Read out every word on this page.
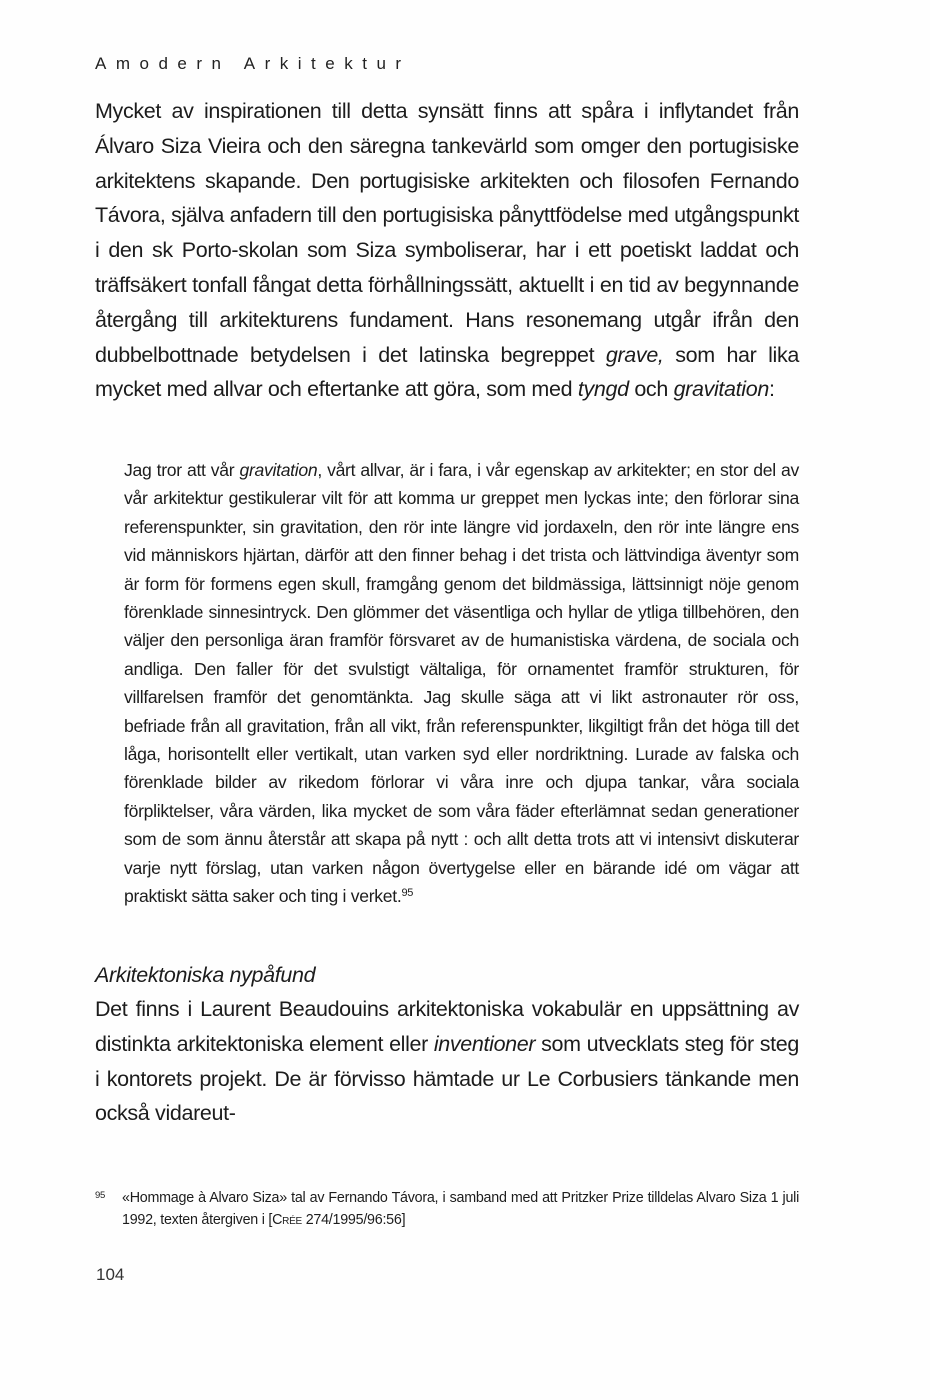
Amodern Arkitektur

Mycket av inspirationen till detta synsätt finns att spåra i inflytandet från Álvaro Siza Vieira och den säregna tankevärld som omger den portugisiske arkitektens skapande. Den portugisiske arkitekten och filosofen Fernando Távora, själva anfadern till den portugisiska pånyttfödelse med utgångspunkt i den sk Porto-skolan som Siza symboliserar, har i ett poetiskt laddat och träffsäkert tonfall fångat detta förhållningssätt, aktuellt i en tid av begynnande återgång till arkitekturens fundament. Hans resonemang utgår ifrån den dubbelbottnade betydelsen i det latinska begreppet grave, som har lika mycket med allvar och eftertanke att göra, som med tyngd och gravitation:

Jag tror att vår gravitation, vårt allvar, är i fara, i vår egenskap av arkitekter; en stor del av vår arkitektur gestikulerar vilt för att komma ur greppet men lyckas inte; den förlorar sina referenspunkter, sin gravitation, den rör inte längre vid jordaxeln, den rör inte längre ens vid människors hjärtan, därför att den finner behag i det trista och lättvindiga äventyr som är form för formens egen skull, framgång genom det bildmässiga, lättsinnigt nöje genom förenklade sinnesintryck. Den glömmer det väsentliga och hyllar de ytliga tillbehören, den väljer den personliga äran framför försvaret av de humanistiska värdena, de sociala och andliga. Den faller för det svulstigt vältaliga, för ornamentet framför strukturen, för villfarelsen framför det genomtänkta. Jag skulle säga att vi likt astronauter rör oss, befriade från all gravitation, från all vikt, från referenspunkter, likgiltigt från det höga till det låga, horisontellt eller vertikalt, utan varken syd eller nordriktning. Lurade av falska och förenklade bilder av rikedom förlorar vi våra inre och djupa tankar, våra sociala förpliktelser, våra värden, lika mycket de som våra fäder efterlämnat sedan generationer som de som ännu återstår att skapa på nytt : och allt detta trots att vi intensivt diskuterar varje nytt förslag, utan varken någon övertygelse eller en bärande idé om vägar att praktiskt sätta saker och ting i verket.$^{95}$

Arkitektoniska nypåfund

Det finns i Laurent Beaudouins arkitektoniska vokabulär en uppsättning av distinkta arkitektoniska element eller inventioner som utvecklats steg för steg i kontorets projekt. De är förvisso hämtade ur Le Corbusiers tänkande men också vidareut-

95	«Hommage à Alvaro Siza» tal av Fernando Távora, i samband med att Pritzker Prize tilldelas Alvaro Siza 1 juli 1992, texten återgiven i [Crée 274/1995/96:56]
104
